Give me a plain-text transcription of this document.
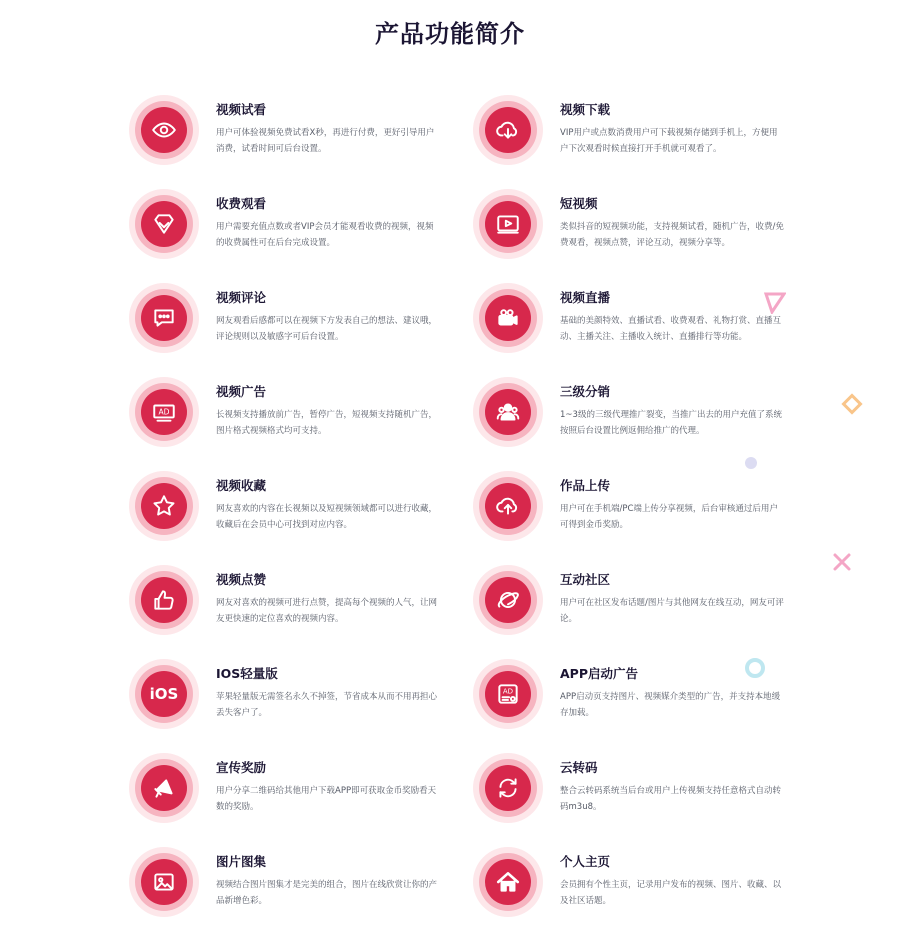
产品功能简介
视频试看

用户可体验视频免费试看X秒，再进行付费，更好引导用户消费，试看时间可后台设置。

视频下载

VIP用户或点数消费用户可下载视频存储到手机上，方便用户下次观看时候直接打开手机就可观看了。

收费观看

用户需要充值点数或者VIP会员才能观看收费的视频，视频的收费属性可在后台完成设置。

短视频

类似抖音的短视频功能，支持视频试看，随机广告，收费/免费观看，视频点赞，评论互动，视频分享等。

视频评论

网友观看后感都可以在视频下方发表自己的想法、建议哦，评论规则以及敏感字可后台设置。

视频直播

基础的美颜特效、直播试看、收费观看、礼物打赏、直播互动、主播关注、主播收入统计、直播排行等功能。

AD
视频广告

长视频支持播放前广告，暂停广告，短视频支持随机广告，图片格式视频格式均可支持。

三级分销

1~3级的三级代理推广裂变，当推广出去的用户充值了系统按照后台设置比例返佣给推广的代理。

视频收藏

网友喜欢的内容在长视频以及短视频领域都可以进行收藏，收藏后在会员中心可找到对应内容。

作品上传

用户可在手机端/PC端上传分享视频，后台审核通过后用户可得到金币奖励。

视频点赞

网友对喜欢的视频可进行点赞，提高每个视频的人气，让网友更快速的定位喜欢的视频内容。

互动社区

用户可在社区发布话题/图片与其他网友在线互动，网友可评论。

iOS
IOS轻量版

苹果轻量版无需签名永久不掉签，节省成本从而不用再担心丢失客户了。

AD
APP启动广告

APP启动页支持图片、视频媒介类型的广告，并支持本地缓存加载。

宣传奖励

用户分享二维码给其他用户下载APP即可获取金币奖励看天数的奖励。

云转码

整合云转码系统当后台或用户上传视频支持任意格式自动转码m3u8。

图片图集

视频结合图片图集才是完美的组合，图片在线欣赏让你的产品新增色彩。

个人主页

会员拥有个性主页，记录用户发布的视频、图片、收藏、以及社区话题。
